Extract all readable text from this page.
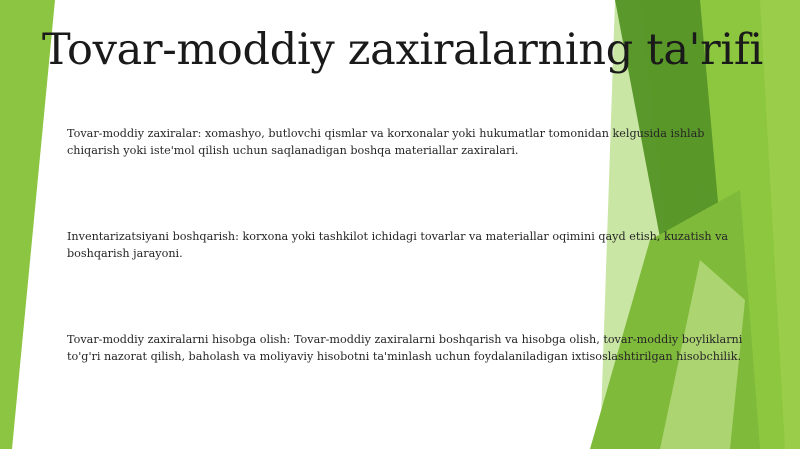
Tovar-moddiy zaxiralarning ta'rifi

Tovar-moddiy zaxiralar: xomashyo, butlovchi qismlar va korxonalar yoki hukumatlar tomonidan kelgusida ishlab chiqarish yoki iste'mol qilish uchun saqlanadigan boshqa materiallar zaxiralari.

Inventarizatsiyani boshqarish: korxona yoki tashkilot ichidagi tovarlar va materiallar oqimini qayd etish, kuzatish va boshqarish jarayoni.

Tovar-moddiy zaxiralarni hisobga olish: Tovar-moddiy zaxiralarni boshqarish va hisobga olish, tovar-moddiy boyliklarni to'g'ri nazorat qilish, baholash va moliyaviy hisobotni ta'minlash uchun foydalaniladigan ixtisoslashtirilgan hisobchilik.
